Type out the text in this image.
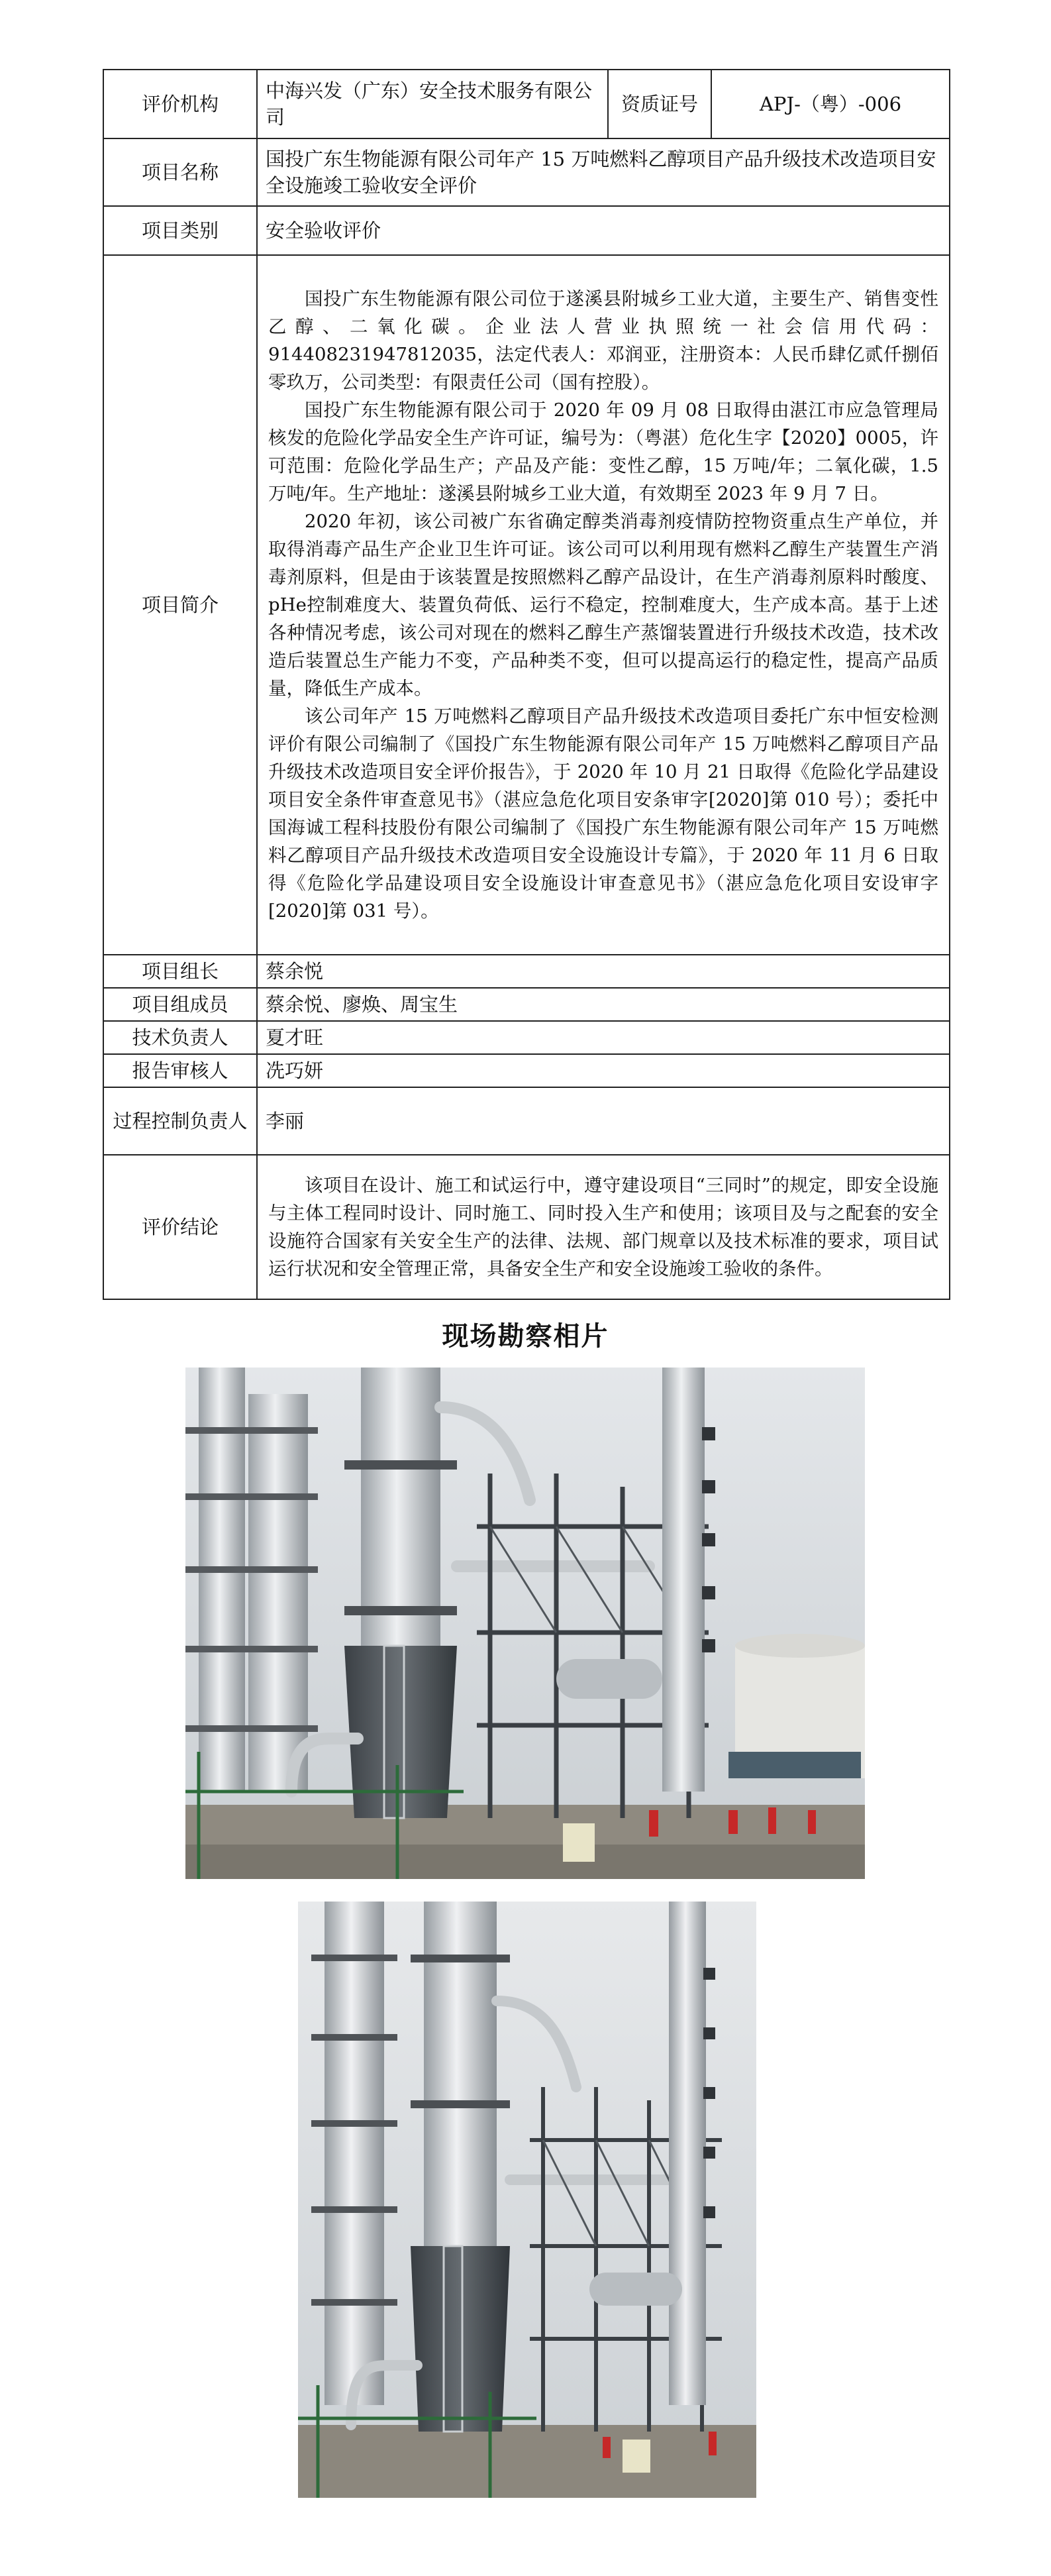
评价机构	中海兴发（广东）安全技术服务有限公司	资质证号	APJ-（粤）-006
项目名称	国投广东生物能源有限公司年产 15 万吨燃料乙醇项目产品升级技术改造项目安全设施竣工验收安全评价		
项目类别	安全验收评价		
项目简介	国投广东生物能源有限公司位于遂溪县附城乡工业大道，主要生产、销售变性乙醇、二氧化碳。企业法人营业执照统一社会信用代码：914408231947812035，法定代表人：邓润亚，注册资本：人民币肆亿贰仟捌佰零玖万，公司类型：有限责任公司（国有控股）。

国投广东生物能源有限公司于 2020 年 09 月 08 日取得由湛江市应急管理局核发的危险化学品安全生产许可证，编号为：（粤湛）危化生字【2020】0005，许可范围：危险化学品生产；产品及产能：变性乙醇，15 万吨/年；二氧化碳，1.5 万吨/年。生产地址：遂溪县附城乡工业大道，有效期至 2023 年 9 月 7 日。

2020 年初，该公司被广东省确定醇类消毒剂疫情防控物资重点生产单位，并取得消毒产品生产企业卫生许可证。该公司可以利用现有燃料乙醇生产装置生产消毒剂原料，但是由于该装置是按照燃料乙醇产品设计，在生产消毒剂原料时酸度、pHe控制难度大、装置负荷低、运行不稳定，控制难度大，生产成本高。基于上述各种情况考虑，该公司对现在的燃料乙醇生产蒸馏装置进行升级技术改造，技术改造后装置总生产能力不变，产品种类不变，但可以提高运行的稳定性，提高产品质量，降低生产成本。

该公司年产 15 万吨燃料乙醇项目产品升级技术改造项目委托广东中恒安检测评价有限公司编制了《国投广东生物能源有限公司年产 15 万吨燃料乙醇项目产品升级技术改造项目安全评价报告》，于 2020 年 10 月 21 日取得《危险化学品建设项目安全条件审查意见书》（湛应急危化项目安条审字[2020]第 010 号）；委托中国海诚工程科技股份有限公司编制了《国投广东生物能源有限公司年产 15 万吨燃料乙醇项目产品升级技术改造项目安全设施设计专篇》，于 2020 年 11 月 6 日取得《危险化学品建设项目安全设施设计审查意见书》（湛应急危化项目安设审字[2020]第 031 号）。		

项目组长	蔡余悦		
项目组成员	蔡余悦、廖焕、周宝生		
技术负责人	夏才旺		
报告审核人	冼巧妍		
过程控制负责人	李丽		
评价结论	该项目在设计、施工和试运行中，遵守建设项目“三同时”的规定，即安全设施与主体工程同时设计、同时施工、同时投入生产和使用；该项目及与之配套的安全设施符合国家有关安全生产的法律、法规、部门规章以及技术标准的要求，项目试运行状况和安全管理正常，具备安全生产和安全设施竣工验收的条件。		

现场勘察相片
